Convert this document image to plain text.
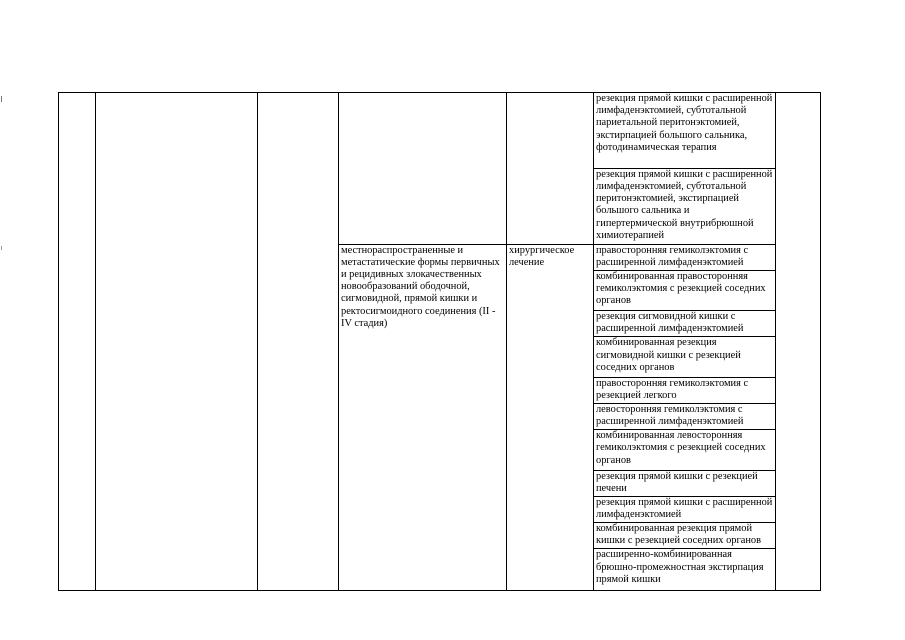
					резекция прямой кишки с расширенной лимфаденэктомией, субтотальной париетальной перитонэктомией, экстирпацией большого сальника, фотодинамическая терапия	
					резекция прямой кишки с расширенной лимфаденэктомией, субтотальной перитонэктомией, экстирпацией большого сальника и гипертермической внутрибрюшной химиотерапией	
			местнораспространенные и метастатические формы первичных и рецидивных злокачественных новообразований ободочной, сигмовидной, прямой кишки и ректосигмоидного соединения (II - IV стадия)	хирургическое лечение	правосторонняя гемиколэктомия с расширенной лимфаденэктомией	
					комбинированная правосторонняя гемиколэктомия с резекцией соседних органов	
					резекция сигмовидной кишки с расширенной лимфаденэктомией	
					комбинированная резекция сигмовидной кишки с резекцией соседних органов	
					правосторонняя гемиколэктомия с резекцией легкого	
					левосторонняя гемиколэктомия с расширенной лимфаденэктомией	
					комбинированная левосторонняя гемиколэктомия с резекцией соседних органов	
					резекция прямой кишки с резекцией печени	
					резекция прямой кишки с расширенной лимфаденэктомией	
					комбинированная резекция прямой кишки с резекцией соседних органов	
					расширенно-комбинированная брюшно-промежностная экстирпация прямой кишки	
